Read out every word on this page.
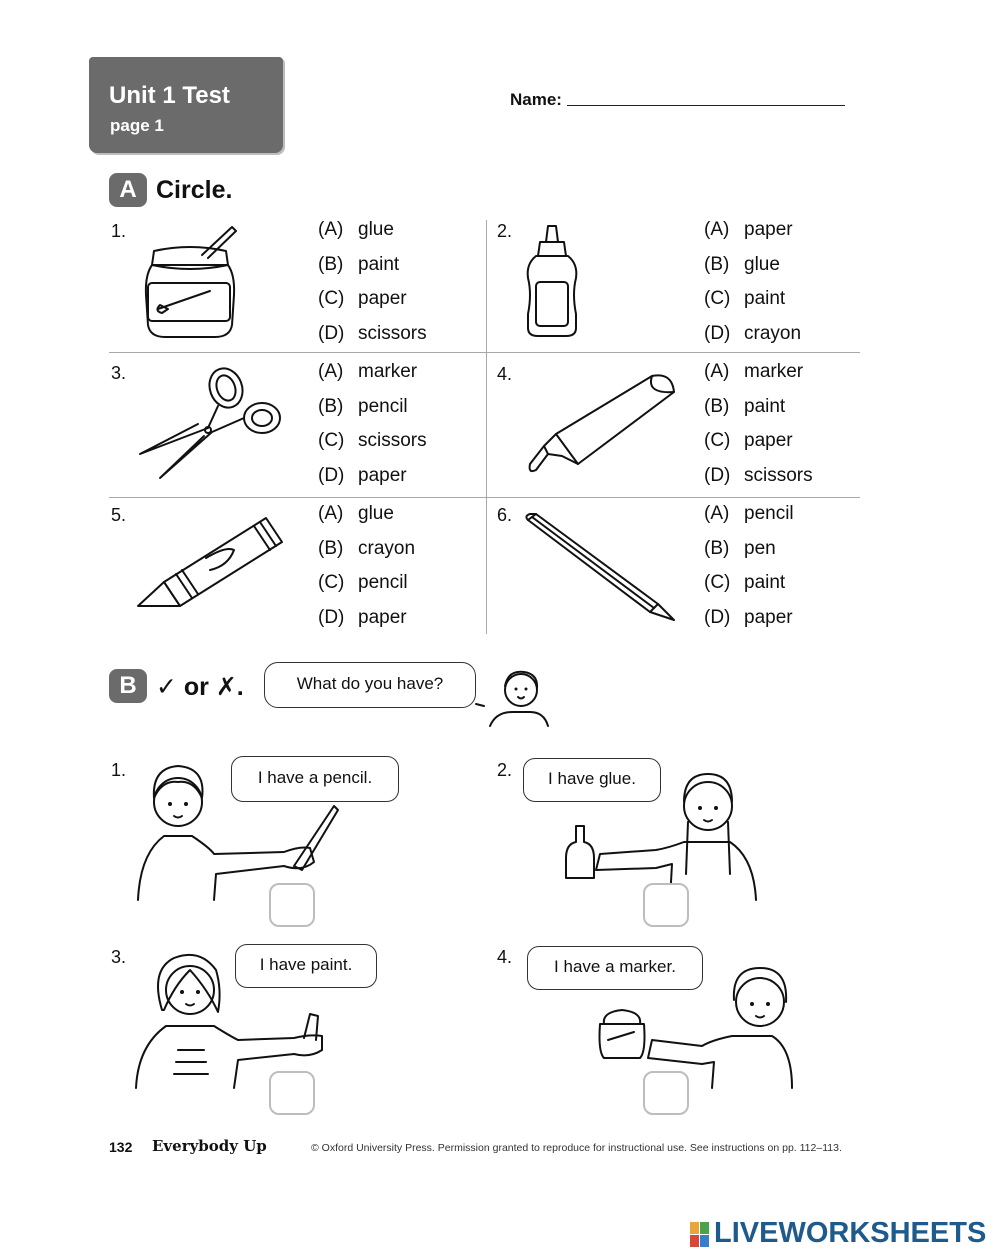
Unit 1 Test
page 1
Name:
A Circle.
1.	(A) glue
(B) paint
(C) paper
(D) scissors
2.	(A) paper
(B) glue
(C) paint
(D) crayon
3.	(A) marker
(B) pencil
(C) scissors
(D) paper
4.	(A) marker
(B) paint
(C) paper
(D) scissors
5.	(A) glue
(B) crayon
(C) pencil
(D) paper
6.	(A) pencil
(B) pen
(C) paint
(D) paper
B ✓ or ✗.	What do you have?
1.	I have a pencil.	2.	I have glue.
3.	I have paint.	4.	I have a marker.
132 Everybody Up	© Oxford University Press. Permission granted to reproduce for instructional use. See instructions on pp. 112–113.
LIVEWORKSHEETS
